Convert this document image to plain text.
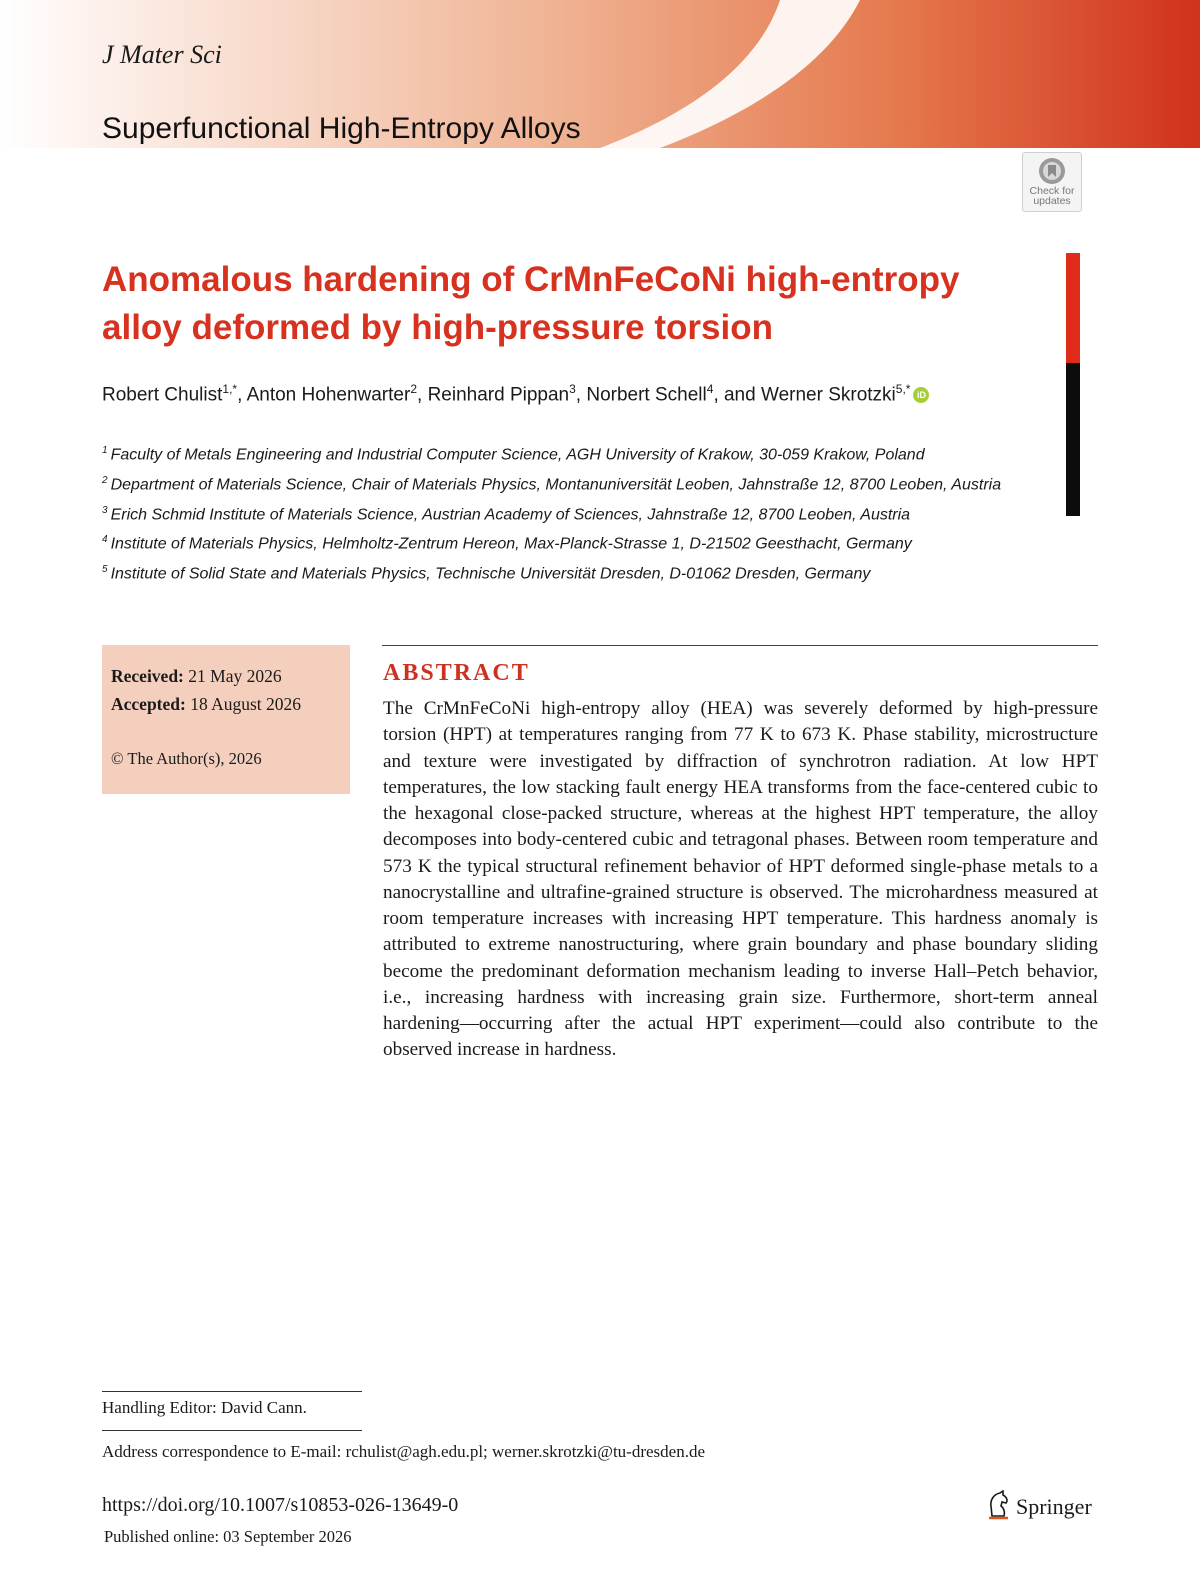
J Mater Sci
Superfunctional High-Entropy Alloys
Check for
updates
Anomalous hardening of CrMnFeCoNi high-entropy alloy deformed by high-pressure torsion
Robert Chulist$^{1,*}$, Anton Hohenwarter$^2$, Reinhard Pippan$^3$, Norbert Schell$^4$, and Werner Skrotzki$^{5,*}$ iD
$^1$ Faculty of Metals Engineering and Industrial Computer Science, AGH University of Krakow, 30-059 Krakow, Poland
$^2$ Department of Materials Science, Chair of Materials Physics, Montanuniversität Leoben, Jahnstraße 12, 8700 Leoben, Austria
$^3$ Erich Schmid Institute of Materials Science, Austrian Academy of Sciences, Jahnstraße 12, 8700 Leoben, Austria
$^4$ Institute of Materials Physics, Helmholtz-Zentrum Hereon, Max-Planck-Strasse 1, D-21502 Geesthacht, Germany
$^5$ Institute of Solid State and Materials Physics, Technische Universität Dresden, D-01062 Dresden, Germany
Received: 21 May 2026
Accepted: 18 August 2026
© The Author(s), 2026
ABSTRACT

The CrMnFeCoNi high-entropy alloy (HEA) was severely deformed by high-pressure torsion (HPT) at temperatures ranging from 77 K to 673 K. Phase stability, microstructure and texture were investigated by diffraction of synchrotron radiation. At low HPT temperatures, the low stacking fault energy HEA transforms from the face-centered cubic to the hexagonal close-packed structure, whereas at the highest HPT temperature, the alloy decomposes into body-centered cubic and tetragonal phases. Between room temperature and 573 K the typical structural refinement behavior of HPT deformed single-phase metals to a nanocrystalline and ultrafine-grained structure is observed. The microhardness measured at room temperature increases with increasing HPT temperature. This hardness anomaly is attributed to extreme nanostructuring, where grain boundary and phase boundary sliding become the predominant deformation mechanism leading to inverse Hall–Petch behavior, i.e., increasing hardness with increasing grain size. Furthermore, short-term anneal hardening—occurring after the actual HPT experiment—could also contribute to the observed increase in hardness.

Handling Editor: David Cann.
Address correspondence to E-mail: rchulist@agh.edu.pl; werner.skrotzki@tu-dresden.de
https://doi.org/10.1007/s10853-026-13649-0
Published online: 03 September 2026
Springer
